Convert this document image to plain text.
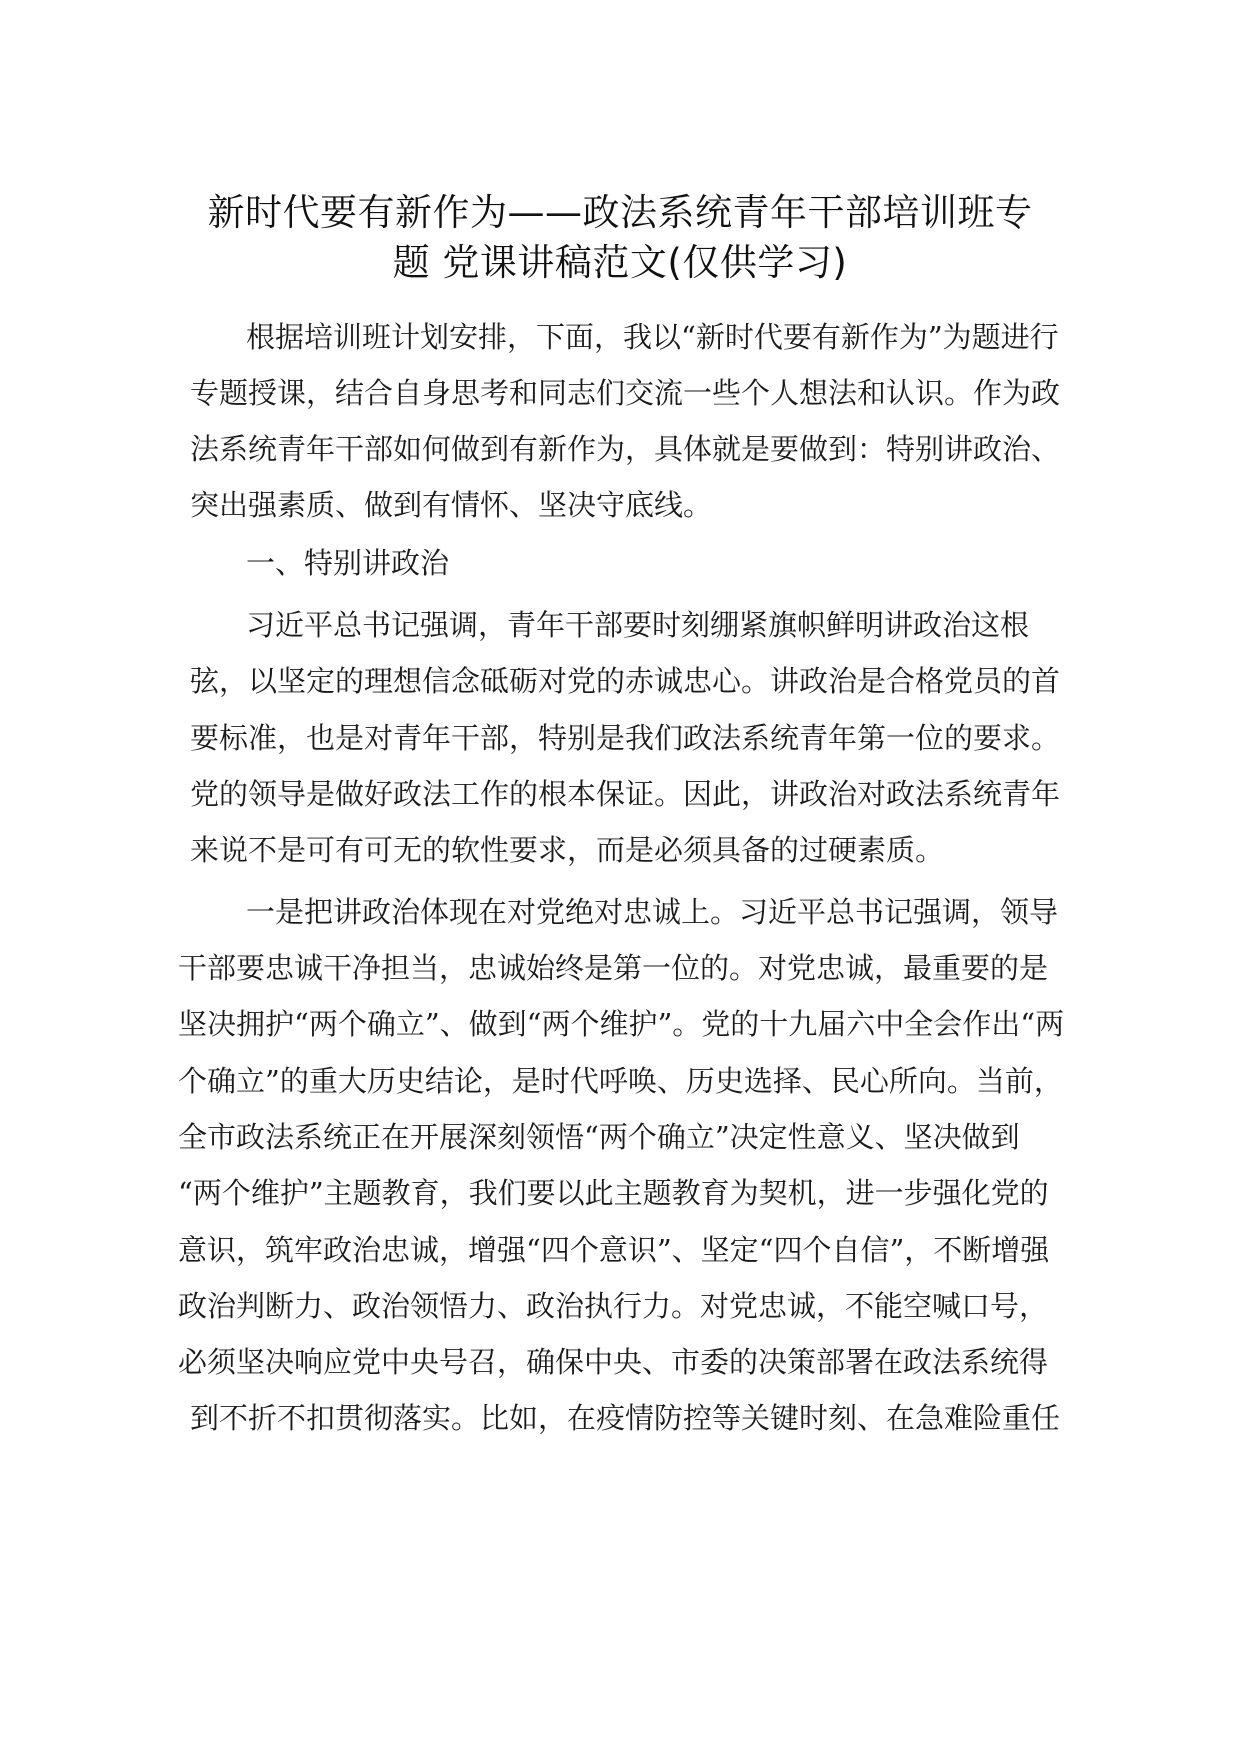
新时代要有新作为——政法系统青年干部培训班专
题 党课讲稿范文(仅供学习)
根据培训班计划安排，下面，我以“新时代要有新作为”为题进行
专题授课，结合自身思考和同志们交流一些个人想法和认识。作为政
法系统青年干部如何做到有新作为，具体就是要做到：特别讲政治、
突出强素质、做到有情怀、坚决守底线。
一、特别讲政治
习近平总书记强调，青年干部要时刻绷紧旗帜鲜明讲政治这根
弦，以坚定的理想信念砥砺对党的赤诚忠心。讲政治是合格党员的首
要标准，也是对青年干部，特别是我们政法系统青年第一位的要求。
党的领导是做好政法工作的根本保证。因此，讲政治对政法系统青年
来说不是可有可无的软性要求，而是必须具备的过硬素质。
一是把讲政治体现在对党绝对忠诚上。习近平总书记强调，领导
干部要忠诚干净担当，忠诚始终是第一位的。对党忠诚，最重要的是
坚决拥护“两个确立”、做到“两个维护”。党的十九届六中全会作出“两
个确立”的重大历史结论，是时代呼唤、历史选择、民心所向。当前，
全市政法系统正在开展深刻领悟“两个确立”决定性意义、坚决做到
“两个维护”主题教育，我们要以此主题教育为契机，进一步强化党的
意识，筑牢政治忠诚，增强“四个意识”、坚定“四个自信”，不断增强
政治判断力、政治领悟力、政治执行力。对党忠诚，不能空喊口号，
必须坚决响应党中央号召，确保中央、市委的决策部署在政法系统得
到不折不扣贯彻落实。比如，在疫情防控等关键时刻、在急难险重任
